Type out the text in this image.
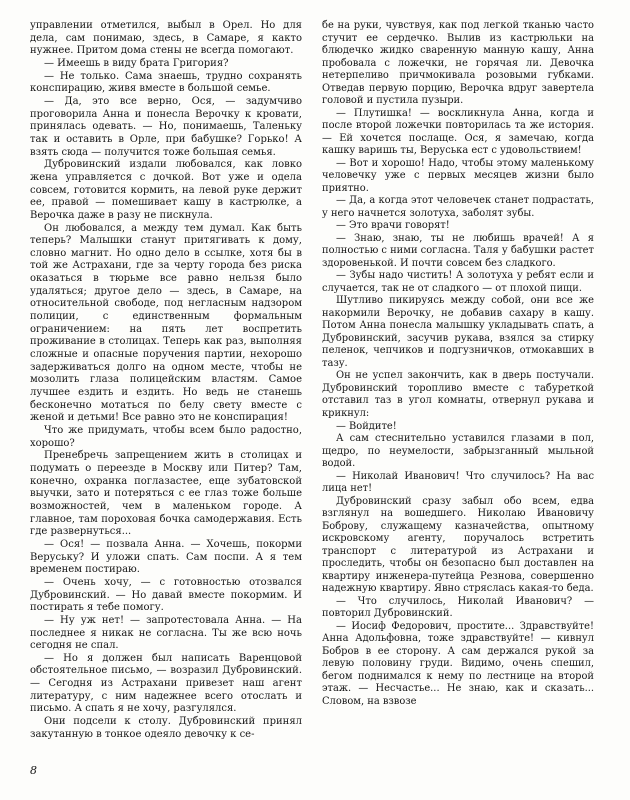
управлении отметился, выбыл в Орел. Но для дела, сам понимаю, здесь, в Самаре, я както нужнее. Притом дома стены не всегда помогают.

— Имеешь в виду брата Григория?

— Не только. Сама знаешь, трудно сохранять конспирацию, живя вместе в большой семье.

— Да, это все верно, Ося, — задумчиво проговорила Анна и понесла Верочку к кровати, принялась одевать. — Но, понимаешь, Таленьку так и оставить в Орле, при бабушке? Горько! А взять сюда — получится тоже большая семья.

Дубровинский издали любовался, как ловко жена управляется с дочкой. Вот уже и одела совсем, готовится кормить, на левой руке держит ее, правой — помешивает кашу в кастрюлке, а Верочка даже в разу не пискнула.

Он любовался, а между тем думал. Как быть теперь? Малышки станут притягивать к дому, словно магнит. Но одно дело в ссылке, хотя бы в той же Астрахани, где за черту города без риска оказаться в тюрьме все равно нельзя было удаляться; другое дело — здесь, в Самаре, на относительной свободе, под негласным надзором полиции, с единственным формальным ограничением: на пять лет воспретить проживание в столицах. Теперь как раз, выполняя сложные и опасные поручения партии, нехорошо задерживаться долго на одном месте, чтобы не мозолить глаза полицейским властям. Самое лучшее ездить и ездить. Но ведь не станешь бесконечно мотаться по белу свету вместе с женой и детьми! Все равно это не конспирация!

Что же придумать, чтобы всем было радостно, хорошо?

Пренебречь запрещением жить в столицах и подумать о переезде в Москву или Питер? Там, конечно, охранка поглазастее, еще зубатовской выучки, зато и потеряться с ее глаз тоже больше возможностей, чем в маленьком городе. А главное, там пороховая бочка самодержавия. Есть где развернуться...

— Ося! — позвала Анна. — Хочешь, покорми Веруську? И уложи спать. Сам поспи. А я тем временем постираю.

— Очень хочу, — с готовностью отозвался Дубровинский. — Но давай вместе покормим. И постирать я тебе помогу.

— Ну уж нет! — запротестовала Анна. — На последнее я никак не согласна. Ты же всю ночь сегодня не спал.

— Но я должен был написать Варенцовой обстоятельное письмо, — возразил Дубровинский. — Сегодня из Астрахани привезет наш агент литературу, с ним надежнее всего отослать и письмо. А спать я не хочу, разгулялся.

Они подсели к столу. Дубровинский принял закутанную в тонкое одеяло девочку к се-

бе на руки, чувствуя, как под легкой тканью часто стучит ее сердечко. Вылив из кастрюльки на блюдечко жидко сваренную манную кашу, Анна пробовала с ложечки, не горячая ли. Девочка нетерпеливо причмокивала розовыми губками. Отведав первую порцию, Верочка вдруг завертела головой и пустила пузыри.

— Плутишка! — воскликнула Анна, когда и после второй ложечки повторилась та же история. — Ей хочется послаще. Ося, я замечаю, когда кашку варишь ты, Веруська ест с удовольствием!

— Вот и хорошо! Надо, чтобы этому маленькому человечку уже с первых месяцев жизни было приятно.

— Да, а когда этот человечек станет подрастать, у него начнется золотуха, заболят зубы.

— Это врачи говорят!

— Знаю, знаю, ты не любишь врачей! А я полностью с ними согласна. Таля у бабушки растет здоровенькой. И почти совсем без сладкого.

— Зубы надо чистить! А золотуха у ребят если и случается, так не от сладкого — от плохой пищи.

Шутливо пикируясь между собой, они все же накормили Верочку, не добавив сахару в кашу. Потом Анна понесла малышку укладывать спать, а Дубровинский, засучив рукава, взялся за стирку пеленок, чепчиков и подгузничков, отмокавших в тазу.

Он не успел закончить, как в дверь постучали. Дубровинский торопливо вместе с табуреткой отставил таз в угол комнаты, отвернул рукава и крикнул:

— Войдите!

А сам стеснительно уставился глазами в пол, щедро, по неумелости, забрызганный мыльной водой.

— Николай Иванович! Что случилось? На вас лица нет!

Дубровинский сразу забыл обо всем, едва взглянул на вошедшего. Николаю Ивановичу Боброву, служащему казначейства, опытному искровскому агенту, поручалось встретить транспорт с литературой из Астрахани и проследить, чтобы он безопасно был доставлен на квартиру инженера-путейца Резнова, совершенно надежную квартиру. Явно стряслась какая-то беда.

— Что случилось, Николай Иванович? — повторил Дубровинский.

— Иосиф Федорович, простите... Здравствуйте! Анна Адольфовна, тоже здравствуйте! — кивнул Бобров в ее сторону. А сам держался рукой за левую половину груди. Видимо, очень спешил, бегом поднимался к нему по лестнице на второй этаж. — Несчастье... Не знаю, как и сказать... Словом, на взвозе

8
